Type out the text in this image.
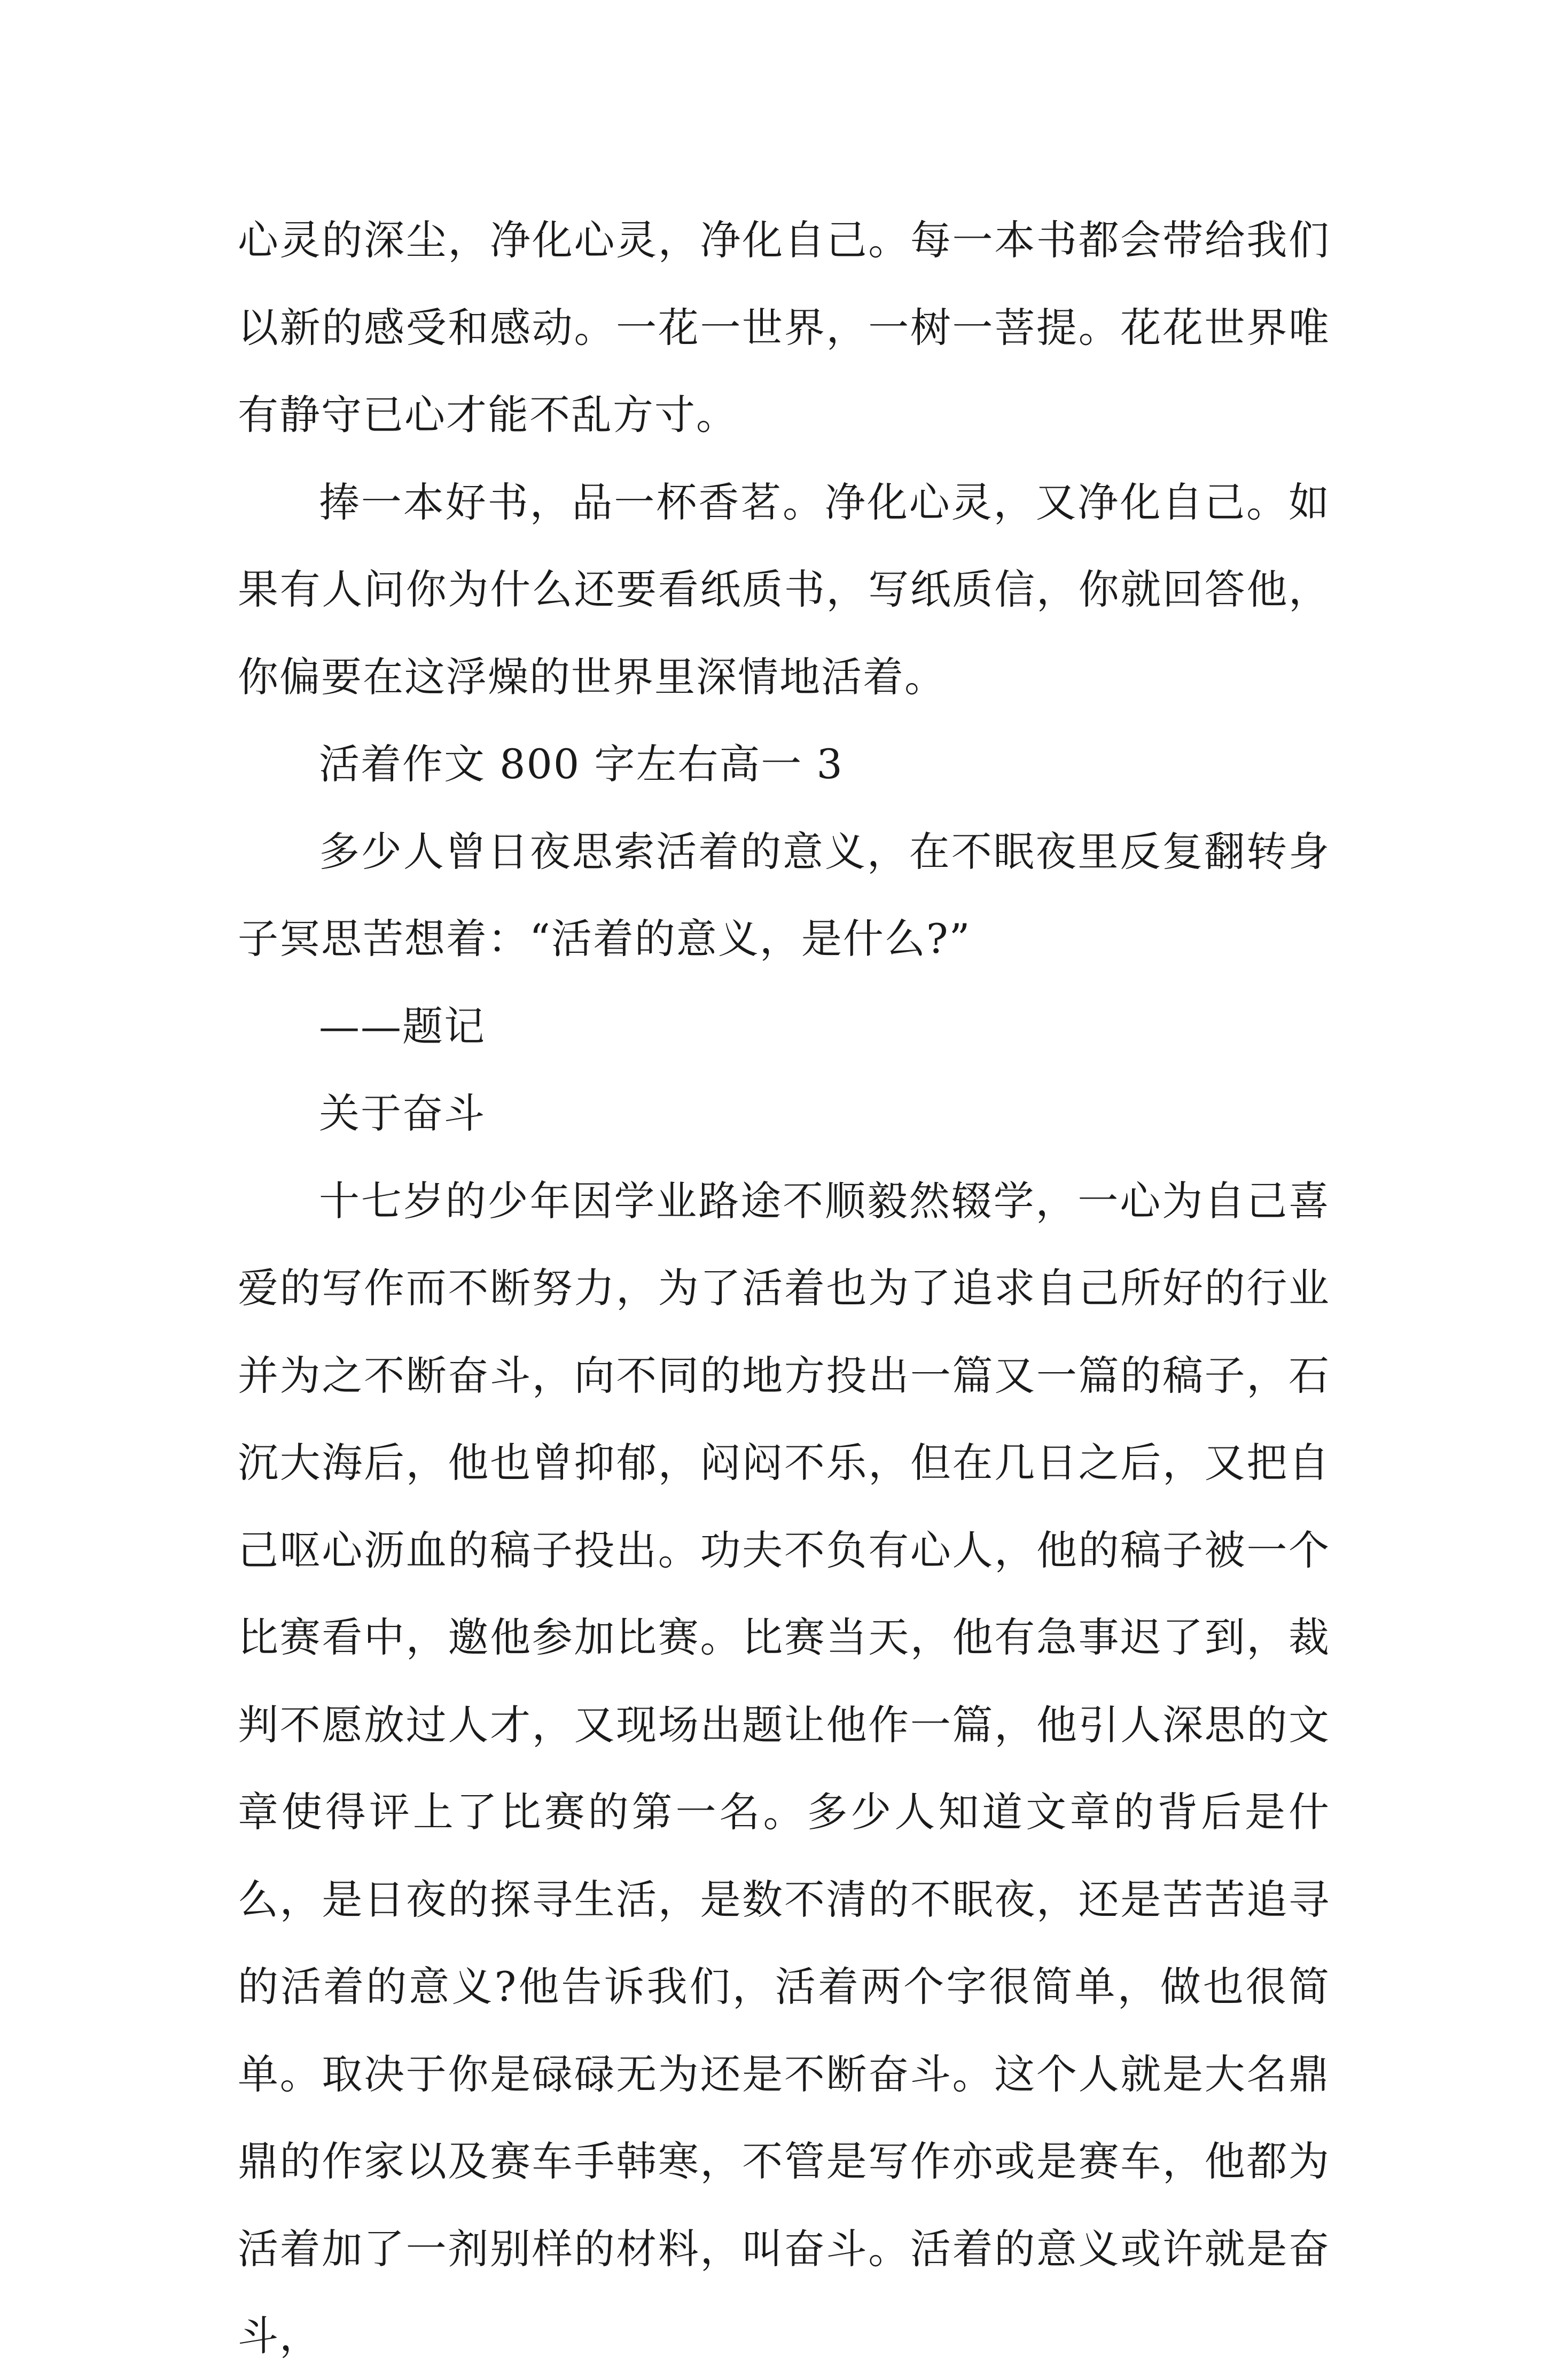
心灵的深尘，净化心灵，净化自己。每一本书都会带给我们以新的感受和感动。一花一世界，一树一菩提。花花世界唯有静守已心才能不乱方寸。

捧一本好书，品一杯香茗。净化心灵，又净化自己。如果有人问你为什么还要看纸质书，写纸质信，你就回答他，你偏要在这浮燥的世界里深情地活着。

活着作文 800 字左右高一 3

多少人曾日夜思索活着的意义，在不眠夜里反复翻转身子冥思苦想着：“活着的意义，是什么?”

——题记

关于奋斗

十七岁的少年因学业路途不顺毅然辍学，一心为自己喜爱的写作而不断努力，为了活着也为了追求自己所好的行业并为之不断奋斗，向不同的地方投出一篇又一篇的稿子，石沉大海后，他也曾抑郁，闷闷不乐，但在几日之后，又把自己呕心沥血的稿子投出。功夫不负有心人，他的稿子被一个比赛看中，邀他参加比赛。比赛当天，他有急事迟了到，裁判不愿放过人才，又现场出题让他作一篇，他引人深思的文章使得评上了比赛的第一名。多少人知道文章的背后是什么，是日夜的探寻生活，是数不清的不眠夜，还是苦苦追寻的活着的意义?他告诉我们，活着两个字很简单，做也很简单。取决于你是碌碌无为还是不断奋斗。这个人就是大名鼎鼎的作家以及赛车手韩寒，不管是写作亦或是赛车，他都为活着加了一剂别样的材料，叫奋斗。活着的意义或许就是奋斗，
